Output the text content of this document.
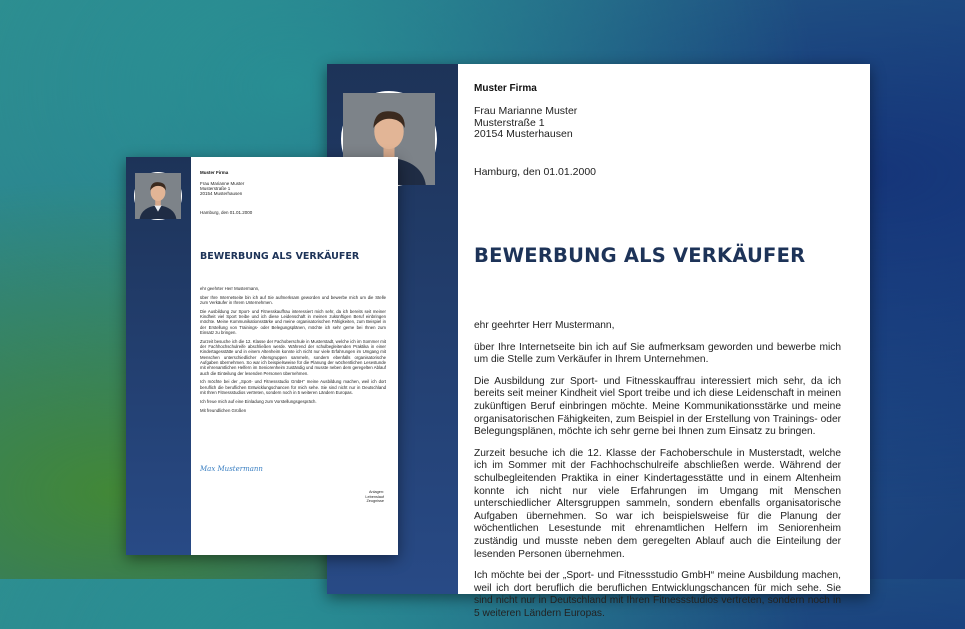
Muster Firma
Frau Marianne Muster
Musterstraße 1
20154 Musterhausen
Hamburg, den 01.01.2000
BEWERBUNG ALS VERKÄUFER

ehr geehrter Herr Mustermann,

über Ihre Internetseite bin ich auf Sie aufmerksam geworden und bewerbe mich um die Stelle zum Verkäufer in Ihrem Unternehmen.

Die Ausbildung zur Sport- und Fitnesskauffrau interessiert mich sehr, da ich bereits seit meiner Kindheit viel Sport treibe und ich diese Leidenschaft in meinen zukünftigen Beruf einbringen möchte. Meine Kommunikationsstärke und meine organisatorischen Fähigkeiten, zum Beispiel in der Erstellung von Trainings- oder Belegungsplänen, möchte ich sehr gerne bei Ihnen zum Einsatz zu bringen.

Zurzeit besuche ich die 12. Klasse der Fachoberschule in Musterstadt, welche ich im Sommer mit der Fachhochschulreife abschließen werde. Während der schulbegleitenden Praktika in einer Kindertagesstätte und in einem Altenheim konnte ich nicht nur viele Erfahrungen im Umgang mit Menschen unterschiedlicher Altersgruppen sammeln, sondern ebenfalls organisatorische Aufgaben übernehmen. So war ich beispielsweise für die Planung der wöchentlichen Lesestunde mit ehrenamtlichen Helfern im Seniorenheim zuständig und musste neben dem geregelten Ablauf auch die Einteilung der lesenden Personen übernehmen.

Ich möchte bei der „Sport- und Fitnessstudio GmbH“ meine Ausbildung machen, weil ich dort beruflich die beruflichen Entwicklungschancen für mich sehe. Sie sind nicht nur in Deutschland mit Ihren Fitnessstudios vertreten, sondern noch in 5 weiteren Ländern Europas.

Muster Firma
Frau Marianne Muster
Musterstraße 1
20154 Musterhausen
Hamburg, den 01.01.2000
BEWERBUNG ALS VERKÄUFER

ehr geehrter Herr Mustermann,

über Ihre Internetseite bin ich auf Sie aufmerksam geworden und bewerbe mich um die Stelle zum Verkäufer in Ihrem Unternehmen.

Die Ausbildung zur Sport- und Fitnesskauffrau interessiert mich sehr, da ich bereits seit meiner Kindheit viel Sport treibe und ich diese Leidenschaft in meinen zukünftigen Beruf einbringen möchte. Meine Kommunikationsstärke und meine organisatorischen Fähigkeiten, zum Beispiel in der Erstellung von Trainings- oder Belegungsplänen, möchte ich sehr gerne bei Ihnen zum Einsatz zu bringen.

Zurzeit besuche ich die 12. Klasse der Fachoberschule in Musterstadt, welche ich im Sommer mit der Fachhochschulreife abschließen werde. Während der schulbegleitenden Praktika in einer Kindertagesstätte und in einem Altenheim konnte ich nicht nur viele Erfahrungen im Umgang mit Menschen unterschiedlicher Altersgruppen sammeln, sondern ebenfalls organisatorische Aufgaben übernehmen. So war ich beispielsweise für die Planung der wöchentlichen Lesestunde mit ehrenamtlichen Helfern im Seniorenheim zuständig und musste neben dem geregelten Ablauf auch die Einteilung der lesenden Personen übernehmen.

Ich möchte bei der „Sport- und Fitnessstudio GmbH“ meine Ausbildung machen, weil ich dort beruflich die beruflichen Entwicklungschancen für mich sehe. Sie sind nicht nur in Deutschland mit Ihren Fitnessstudios vertreten, sondern noch in 5 weiteren Ländern Europas.

Ich freue mich auf eine Einladung zum Vorstellungsgespräch.

Mit freundlichen Grüßen

Max Mustermann
Anlagen:
Lebenslauf
Zeugnisse
